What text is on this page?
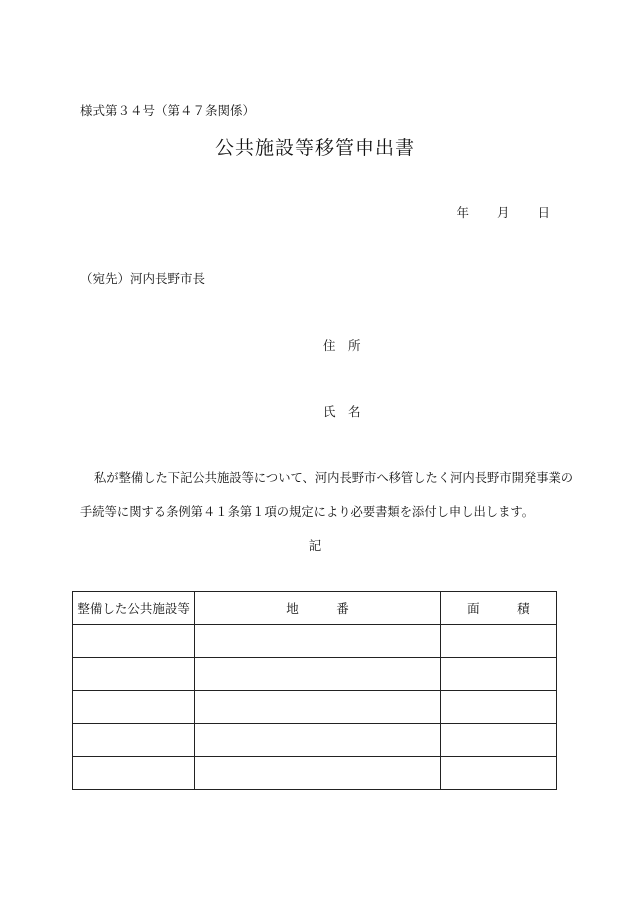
様式第３４号（第４７条関係）
公共施設等移管申出書
年 月 日
（宛先）河内長野市長
住　所
氏　名
私が整備した下記公共施設等について、河内長野市へ移管したく河内長野市開発事業の
手続等に関する条例第４１条第１項の規定により必要書類を添付し申し出します。
記
整備した公共施設等	地　　　番	面　　　積
